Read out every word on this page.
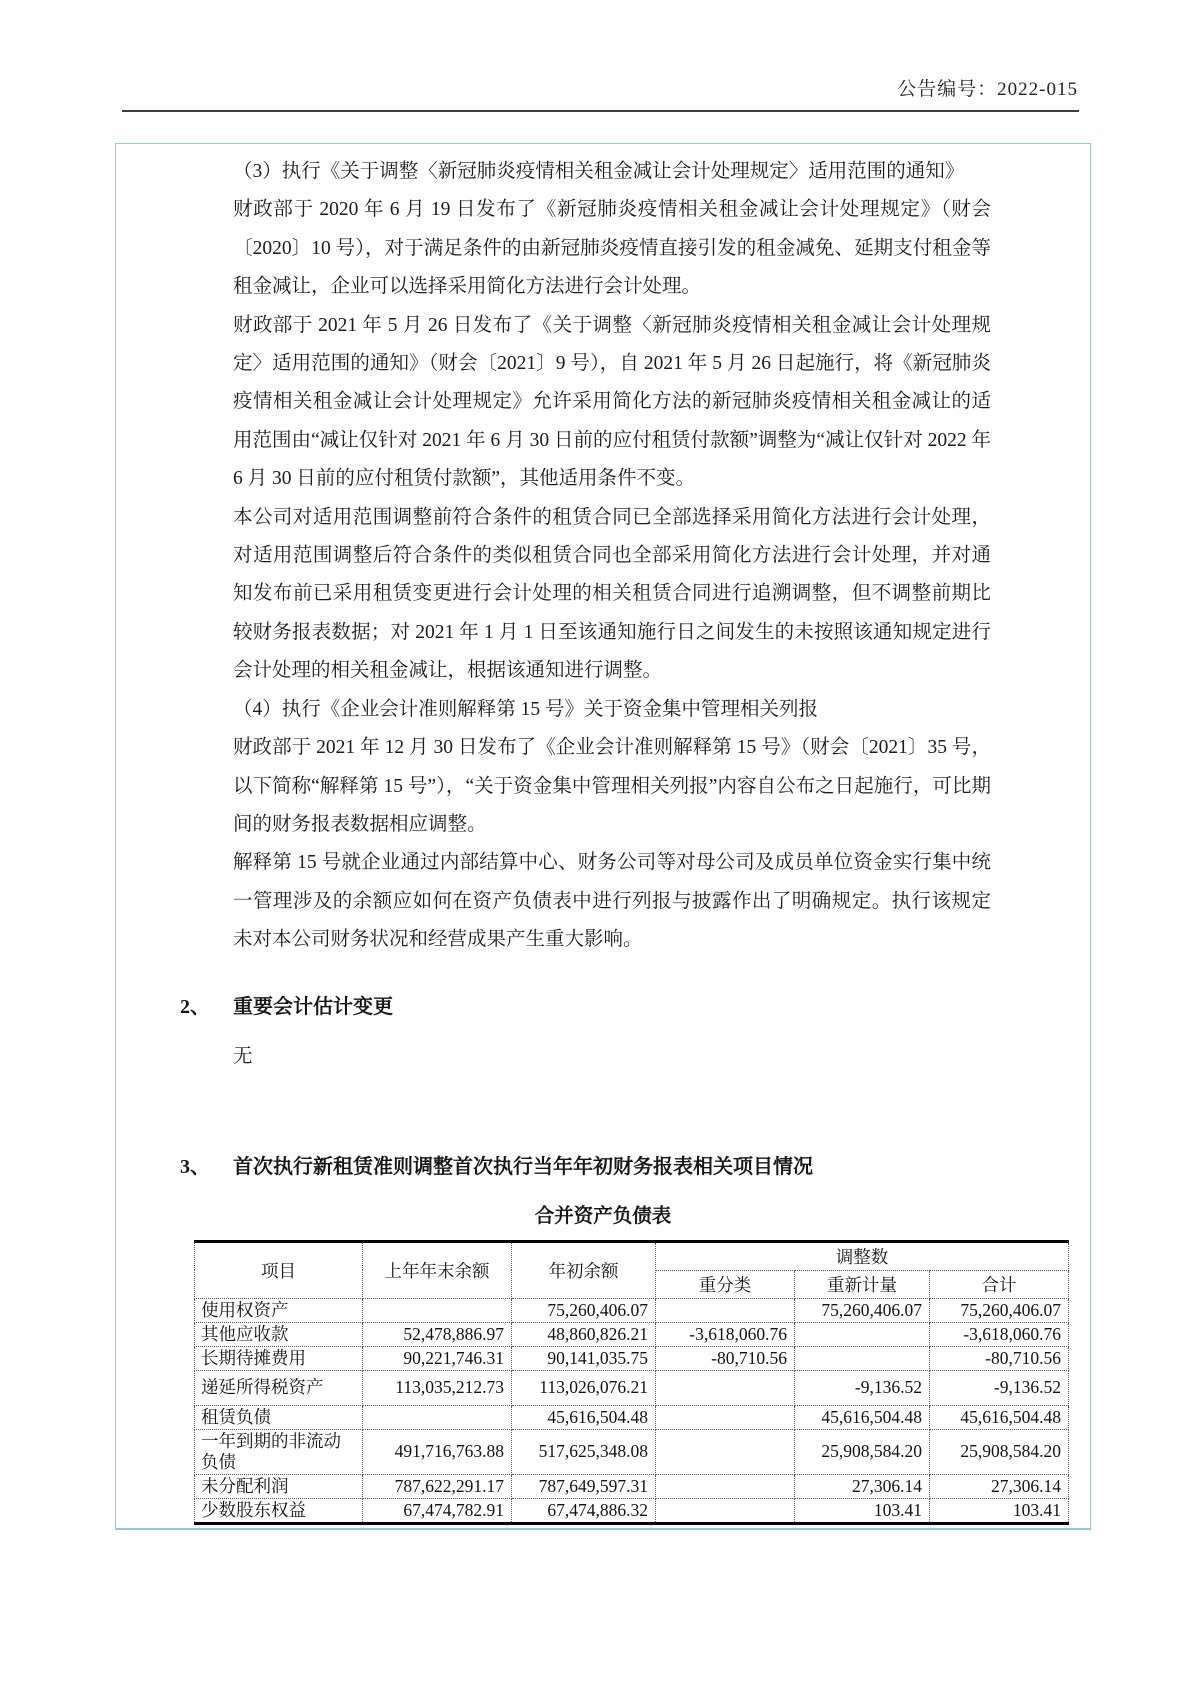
公告编号：2022-015

（3）执行《关于调整〈新冠肺炎疫情相关租金减让会计处理规定〉适用范围的通知》

财政部于 2020 年 6 月 19 日发布了《新冠肺炎疫情相关租金减让会计处理规定》（财会〔2020〕10 号），对于满足条件的由新冠肺炎疫情直接引发的租金减免、延期支付租金等租金减让，企业可以选择采用简化方法进行会计处理。

财政部于 2021 年 5 月 26 日发布了《关于调整〈新冠肺炎疫情相关租金减让会计处理规定〉适用范围的通知》（财会〔2021〕9 号），自 2021 年 5 月 26 日起施行，将《新冠肺炎疫情相关租金减让会计处理规定》允许采用简化方法的新冠肺炎疫情相关租金减让的适用范围由“减让仅针对 2021 年 6 月 30 日前的应付租赁付款额”调整为“减让仅针对 2022 年 6 月 30 日前的应付租赁付款额”，其他适用条件不变。

本公司对适用范围调整前符合条件的租赁合同已全部选择采用简化方法进行会计处理，对适用范围调整后符合条件的类似租赁合同也全部采用简化方法进行会计处理，并对通知发布前已采用租赁变更进行会计处理的相关租赁合同进行追溯调整，但不调整前期比较财务报表数据；对 2021 年 1 月 1 日至该通知施行日之间发生的未按照该通知规定进行会计处理的相关租金减让，根据该通知进行调整。

（4）执行《企业会计准则解释第 15 号》关于资金集中管理相关列报

财政部于 2021 年 12 月 30 日发布了《企业会计准则解释第 15 号》（财会〔2021〕35 号，以下简称“解释第 15 号”），“关于资金集中管理相关列报”内容自公布之日起施行，可比期间的财务报表数据相应调整。

解释第 15 号就企业通过内部结算中心、财务公司等对母公司及成员单位资金实行集中统一管理涉及的余额应如何在资产负债表中进行列报与披露作出了明确规定。执行该规定未对本公司财务状况和经营成果产生重大影响。

2、	重要会计估计变更
无
3、	首次执行新租赁准则调整首次执行当年年初财务报表相关项目情况
合并资产负债表
项目	上年年末余额	年初余额	调整数		
			重分类	重新计量	合计
使用权资产		75,260,406.07		75,260,406.07	75,260,406.07
其他应收款	52,478,886.97	48,860,826.21	-3,618,060.76		-3,618,060.76
长期待摊费用	90,221,746.31	90,141,035.75	-80,710.56		-80,710.56
递延所得税资产	113,035,212.73	113,026,076.21		-9,136.52	-9,136.52
租赁负债		45,616,504.48		45,616,504.48	45,616,504.48
一年到期的非流动负债	491,716,763.88	517,625,348.08		25,908,584.20	25,908,584.20
未分配利润	787,622,291.17	787,649,597.31		27,306.14	27,306.14
少数股东权益	67,474,782.91	67,474,886.32		103.41	103.41
